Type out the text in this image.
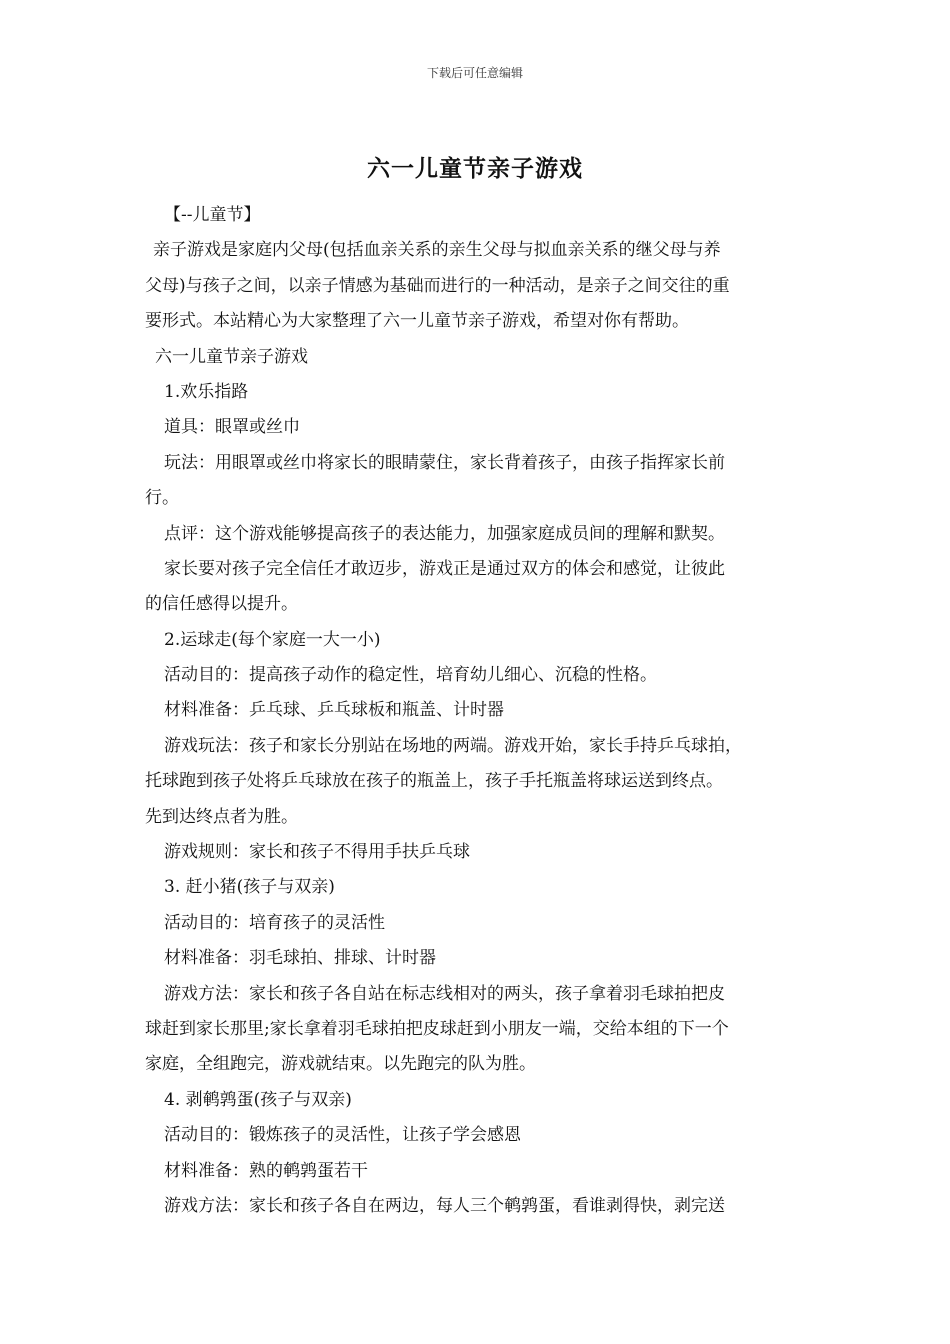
下载后可任意编辑
六一儿童节亲子游戏
【--儿童节】
亲子游戏是家庭内父母(包括血亲关系的亲生父母与拟血亲关系的继父母与养
父母)与孩子之间，以亲子情感为基础而进行的一种活动，是亲子之间交往的重
要形式。本站精心为大家整理了六一儿童节亲子游戏，希望对你有帮助。
六一儿童节亲子游戏
1.欢乐指路
道具：眼罩或丝巾
玩法：用眼罩或丝巾将家长的眼睛蒙住，家长背着孩子，由孩子指挥家长前
行。
点评：这个游戏能够提高孩子的表达能力，加强家庭成员间的理解和默契。
家长要对孩子完全信任才敢迈步，游戏正是通过双方的体会和感觉，让彼此
的信任感得以提升。
2.运球走(每个家庭一大一小)
活动目的：提高孩子动作的稳定性，培育幼儿细心、沉稳的性格。
材料准备：乒乓球、乒乓球板和瓶盖、计时器
游戏玩法：孩子和家长分别站在场地的两端。游戏开始，家长手持乒乓球拍，
托球跑到孩子处将乒乓球放在孩子的瓶盖上，孩子手托瓶盖将球运送到终点。
先到达终点者为胜。
游戏规则：家长和孩子不得用手扶乒乓球
3. 赶小猪(孩子与双亲)
活动目的：培育孩子的灵活性
材料准备：羽毛球拍、排球、计时器
游戏方法：家长和孩子各自站在标志线相对的两头，孩子拿着羽毛球拍把皮
球赶到家长那里;家长拿着羽毛球拍把皮球赶到小朋友一端，交给本组的下一个
家庭，全组跑完，游戏就结束。以先跑完的队为胜。
4. 剥鹌鹑蛋(孩子与双亲)
活动目的：锻炼孩子的灵活性，让孩子学会感恩
材料准备：熟的鹌鹑蛋若干
游戏方法：家长和孩子各自在两边，每人三个鹌鹑蛋，看谁剥得快，剥完送
